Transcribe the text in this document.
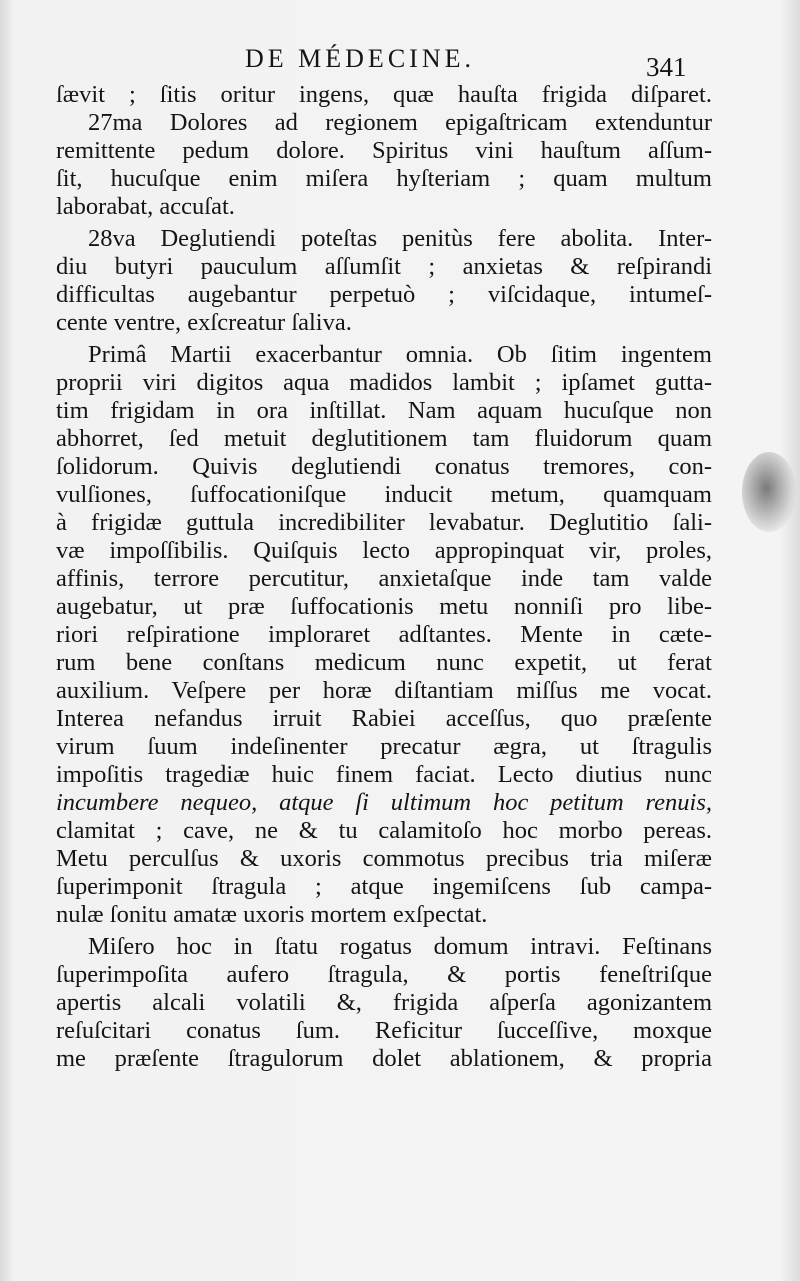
DE MÉDECINE.	341
ſævit ; ſitis oritur ingens, quæ hauſta frigida diſparet.
27ma Dolores ad regionem epigaſtricam extenduntur
remittente pedum dolore. Spiritus vini hauſtum aſſum-
ſit, hucuſque enim miſera hyſteriam ; quam multum
laborabat, accuſat.
28va Deglutiendi poteſtas penitùs fere abolita. Inter-
diu butyri pauculum aſſumſit ; anxietas & reſpirandi
difficultas augebantur perpetuò ; viſcidaque, intumeſ-
cente ventre, exſcreatur ſaliva.
Primâ Martii exacerbantur omnia. Ob ſitim ingentem
proprii viri digitos aqua madidos lambit ; ipſamet gutta-
tim frigidam in ora inſtillat. Nam aquam hucuſque non
abhorret, ſed metuit deglutitionem tam fluidorum quam
ſolidorum. Quivis deglutiendi conatus tremores, con-
vulſiones, ſuffocationiſque inducit metum, quamquam
à frigidæ guttula incredibiliter levabatur. Deglutitio ſali-
væ impoſſibilis. Quiſquis lecto appropinquat vir, proles,
affinis, terrore percutitur, anxietaſque inde tam valde
augebatur, ut præ ſuffocationis metu nonniſi pro libe-
riori reſpiratione imploraret adſtantes. Mente in cæte-
rum bene conſtans medicum nunc expetit, ut ferat
auxilium. Veſpere per horæ diſtantiam miſſus me vocat.
Interea nefandus irruit Rabiei acceſſus, quo præſente
virum ſuum indeſinenter precatur ægra, ut ſtragulis
impoſitis tragediæ huic finem faciat. Lecto diutius nunc
incumbere nequeo, atque ſi ultimum hoc petitum renuis,
clamitat ; cave, ne & tu calamitoſo hoc morbo pereas.
Metu perculſus & uxoris commotus precibus tria miſeræ
ſuperimponit ſtragula ; atque ingemiſcens ſub campa-
nulæ ſonitu amatæ uxoris mortem exſpectat.
Miſero hoc in ſtatu rogatus domum intravi. Feſtinans
ſuperimpoſita aufero ſtragula, & portis feneſtriſque
apertis alcali volatili &, frigida aſperſa agonizantem
reſuſcitari conatus ſum. Reficitur ſucceſſive, moxque
me præſente ſtragulorum dolet ablationem, & propria
